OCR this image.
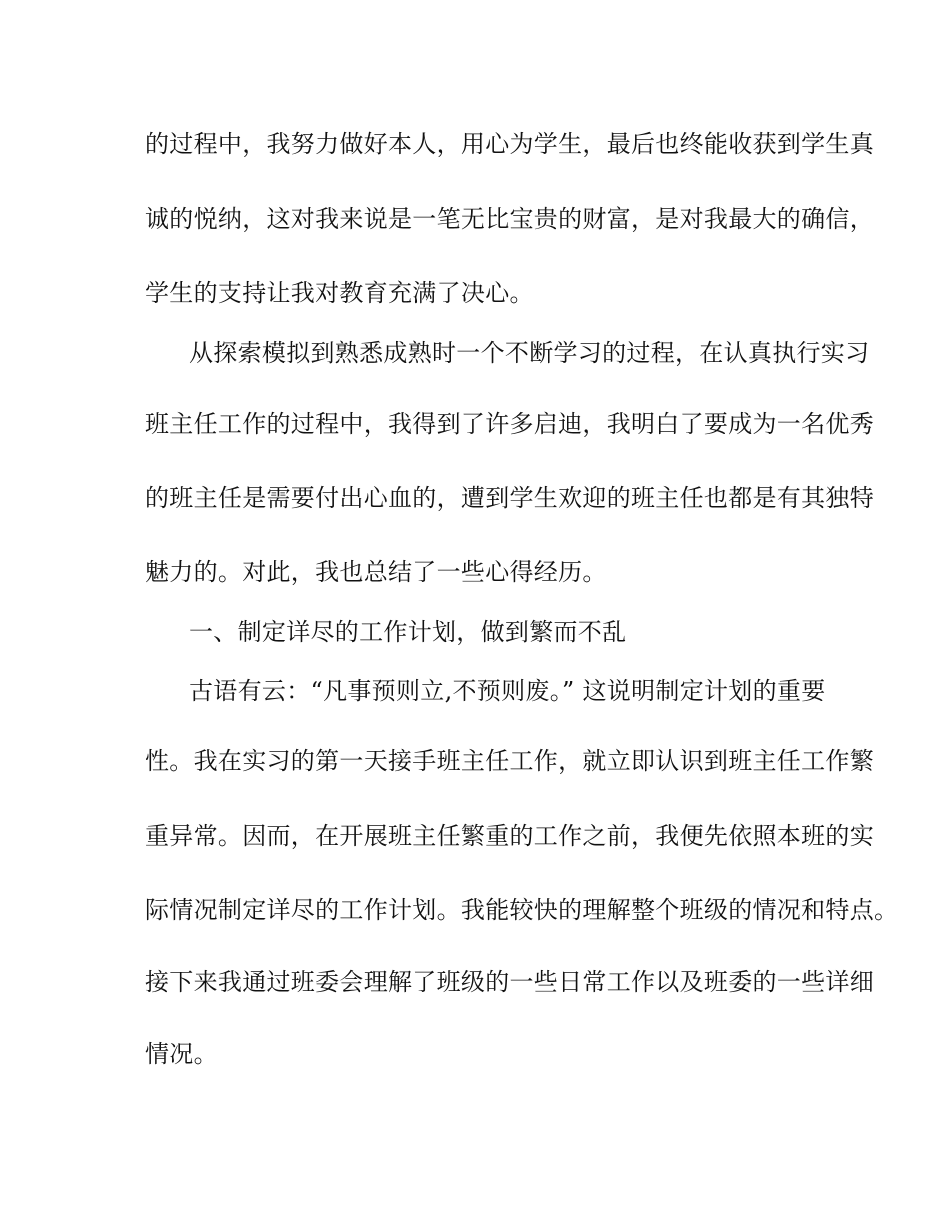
的过程中，我努力做好本人，用心为学生，最后也终能收获到学生真
诚的悦纳，这对我来说是一笔无比宝贵的财富，是对我最大的确信，
学生的支持让我对教育充满了决心。
从探索模拟到熟悉成熟时一个不断学习的过程，在认真执行实习
班主任工作的过程中，我得到了许多启迪，我明白了要成为一名优秀
的班主任是需要付出心血的，遭到学生欢迎的班主任也都是有其独特
魅力的。对此，我也总结了一些心得经历。
一、制定详尽的工作计划，做到繁而不乱
古语有云：“凡事预则立,不预则废。” 这说明制定计划的重要
性。我在实习的第一天接手班主任工作，就立即认识到班主任工作繁
重异常。因而，在开展班主任繁重的工作之前，我便先依照本班的实
际情况制定详尽的工作计划。我能较快的理解整个班级的情况和特点。
接下来我通过班委会理解了班级的一些日常工作以及班委的一些详细
情况。
